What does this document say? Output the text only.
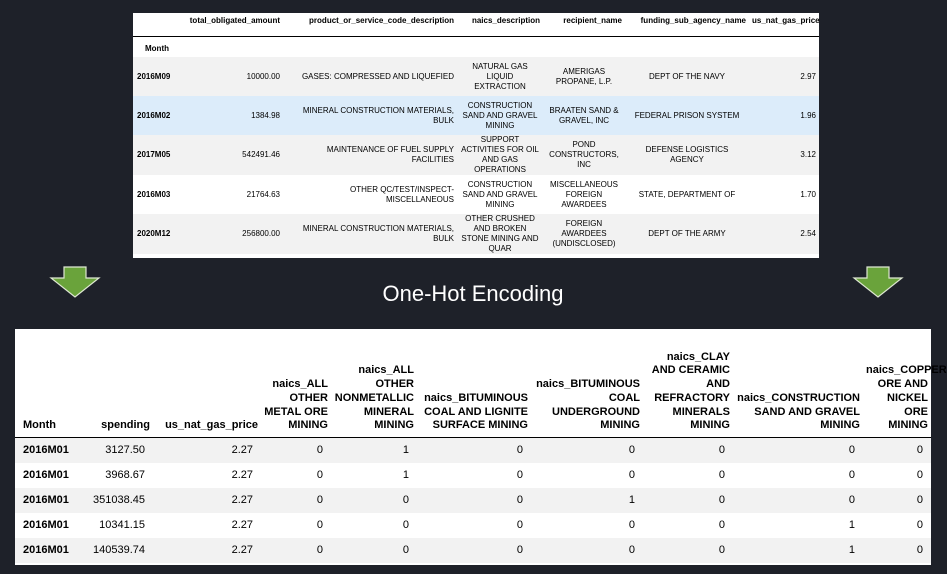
	total_obligated_amount	product_or_service_code_description	naics_description	recipient_name	funding_sub_agency_name	us_nat_gas_price
Month						
2016M09	10000.00	GASES: COMPRESSED AND LIQUEFIED	NATURAL GAS LIQUID EXTRACTION	AMERIGAS PROPANE, L.P.	DEPT OF THE NAVY	2.97
2016M02	1384.98	MINERAL CONSTRUCTION MATERIALS, BULK	CONSTRUCTION SAND AND GRAVEL MINING	BRAATEN SAND & GRAVEL, INC	FEDERAL PRISON SYSTEM	1.96
2017M05	542491.46	MAINTENANCE OF FUEL SUPPLY FACILITIES	SUPPORT ACTIVITIES FOR OIL AND GAS OPERATIONS	POND CONSTRUCTORS, INC	DEFENSE LOGISTICS AGENCY	3.12
2016M03	21764.63	OTHER QC/TEST/INSPECT- MISCELLANEOUS	CONSTRUCTION SAND AND GRAVEL MINING	MISCELLANEOUS FOREIGN AWARDEES	STATE, DEPARTMENT OF	1.70
2020M12	256800.00	MINERAL CONSTRUCTION MATERIALS, BULK	OTHER CRUSHED AND BROKEN STONE MINING AND QUAR	FOREIGN AWARDEES (UNDISCLOSED)	DEPT OF THE ARMY	2.54
One-Hot Encoding
Month	spending	us_nat_gas_price	naics_ALL OTHER METAL ORE MINING	naics_ALL OTHER NONMETALLIC MINERAL MINING	naics_BITUMINOUS COAL AND LIGNITE SURFACE MINING	naics_BITUMINOUS COAL UNDERGROUND MINING	naics_CLAY AND CERAMIC AND REFRACTORY MINERALS MINING	naics_CONSTRUCTION SAND AND GRAVEL MINING	naics_COPPER ORE AND NICKEL ORE MINING
2016M01	3127.50	2.27	0	1	0	0	0	0	0
2016M01	3968.67	2.27	0	1	0	0	0	0	0
2016M01	351038.45	2.27	0	0	0	1	0	0	0
2016M01	10341.15	2.27	0	0	0	0	0	1	0
2016M01	140539.74	2.27	0	0	0	0	0	1	0
